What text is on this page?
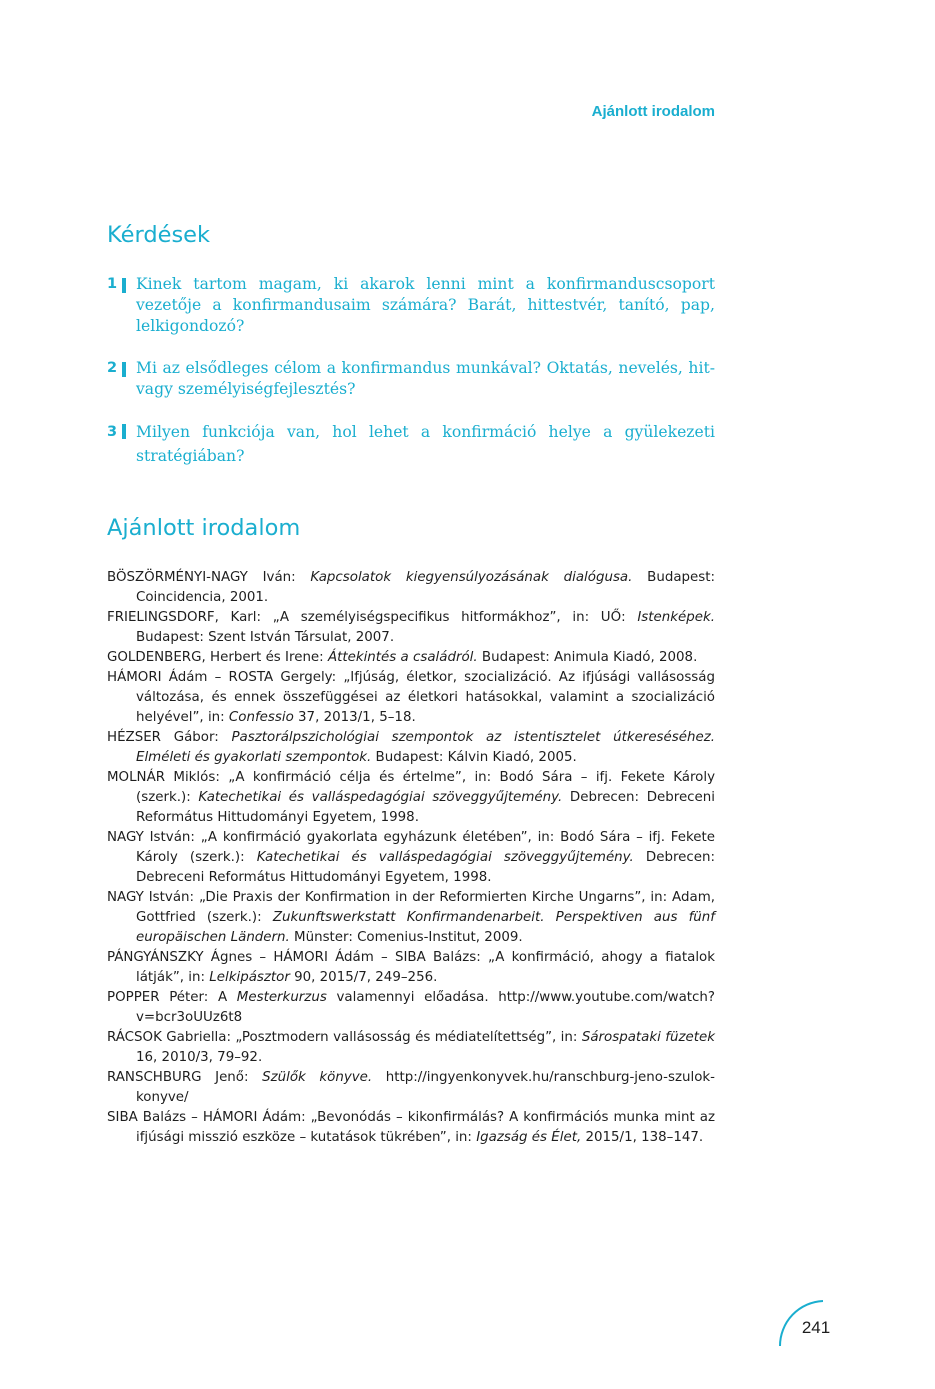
Ajánlott irodalom
Kérdések
1 Kinek tartom magam, ki akarok lenni mint a konfirmanduscsoport vezetője a konfirmandusaim számára? Barát, hittestvér, tanító, pap, lelkigondozó?
2 Mi az elsődleges célom a konfirmandus munkával? Oktatás, nevelés, hit- vagy személyiségfejlesztés?
3 Milyen funkciója van, hol lehet a konfirmáció helye a gyülekezeti stratégiában?
Ajánlott irodalom
BÖSZÖRMÉNYI-NAGY Iván: Kapcsolatok kiegyensúlyozásának dialógusa. Budapest: Coincidencia, 2001.
FRIELINGSDORF, Karl: „A személyiségspecifikus hitformákhoz”, in: UŐ: Istenképek. Budapest: Szent István Társulat, 2007.
GOLDENBERG, Herbert és Irene: Áttekintés a családról. Budapest: Animula Kiadó, 2008.
HÁMORI Ádám – ROSTA Gergely: „Ifjúság, életkor, szocializáció. Az ifjúsági vallásosság változása, és ennek összefüggései az életkori hatásokkal, valamint a szocializáció helyével”, in: Confessio 37, 2013/1, 5–18.
HÉZSER Gábor: Pasztorálpszichológiai szempontok az istentisztelet útkereséséhez. Elméleti és gyakorlati szempontok. Budapest: Kálvin Kiadó, 2005.
MOLNÁR Miklós: „A konfirmáció célja és értelme”, in: Bodó Sára – ifj. Fekete Károly (szerk.): Katechetikai és valláspedagógiai szöveggyűjtemény. Debrecen: Debreceni Református Hittudományi Egyetem, 1998.
NAGY István: „A konfirmáció gyakorlata egyházunk életében”, in: Bodó Sára – ifj. Fekete Károly (szerk.): Katechetikai és valláspedagógiai szöveggyűjtemény. Debrecen: Debreceni Református Hittudományi Egyetem, 1998.
NAGY István: „Die Praxis der Konfirmation in der Reformierten Kirche Ungarns”, in: Adam, Gottfried (szerk.): Zukunftswerkstatt Konfirmandenarbeit. Perspektiven aus fünf europäischen Ländern. Münster: Comenius-Institut, 2009.
PÁNGYÁNSZKY Ágnes – HÁMORI Ádám – SIBA Balázs: „A konfirmáció, ahogy a fiatalok látják”, in: Lelkipásztor 90, 2015/7, 249–256.
POPPER Péter: A Mesterkurzus valamennyi előadása. http://www.youtube.com/watch?v=bcr3oUUz6t8
RÁCSOK Gabriella: „Posztmodern vallásosság és médiatelítettség”, in: Sárospataki füzetek 16, 2010/3, 79–92.
RANSCHBURG Jenő: Szülők könyve. http://ingyenkonyvek.hu/ranschburg-jeno-szulok-konyve/
SIBA Balázs – HÁMORI Ádám: „Bevonódás – kikonfirmálás? A konfirmációs munka mint az ifjúsági misszió eszköze – kutatások tükrében”, in: Igazság és Élet, 2015/1, 138–147.
241
